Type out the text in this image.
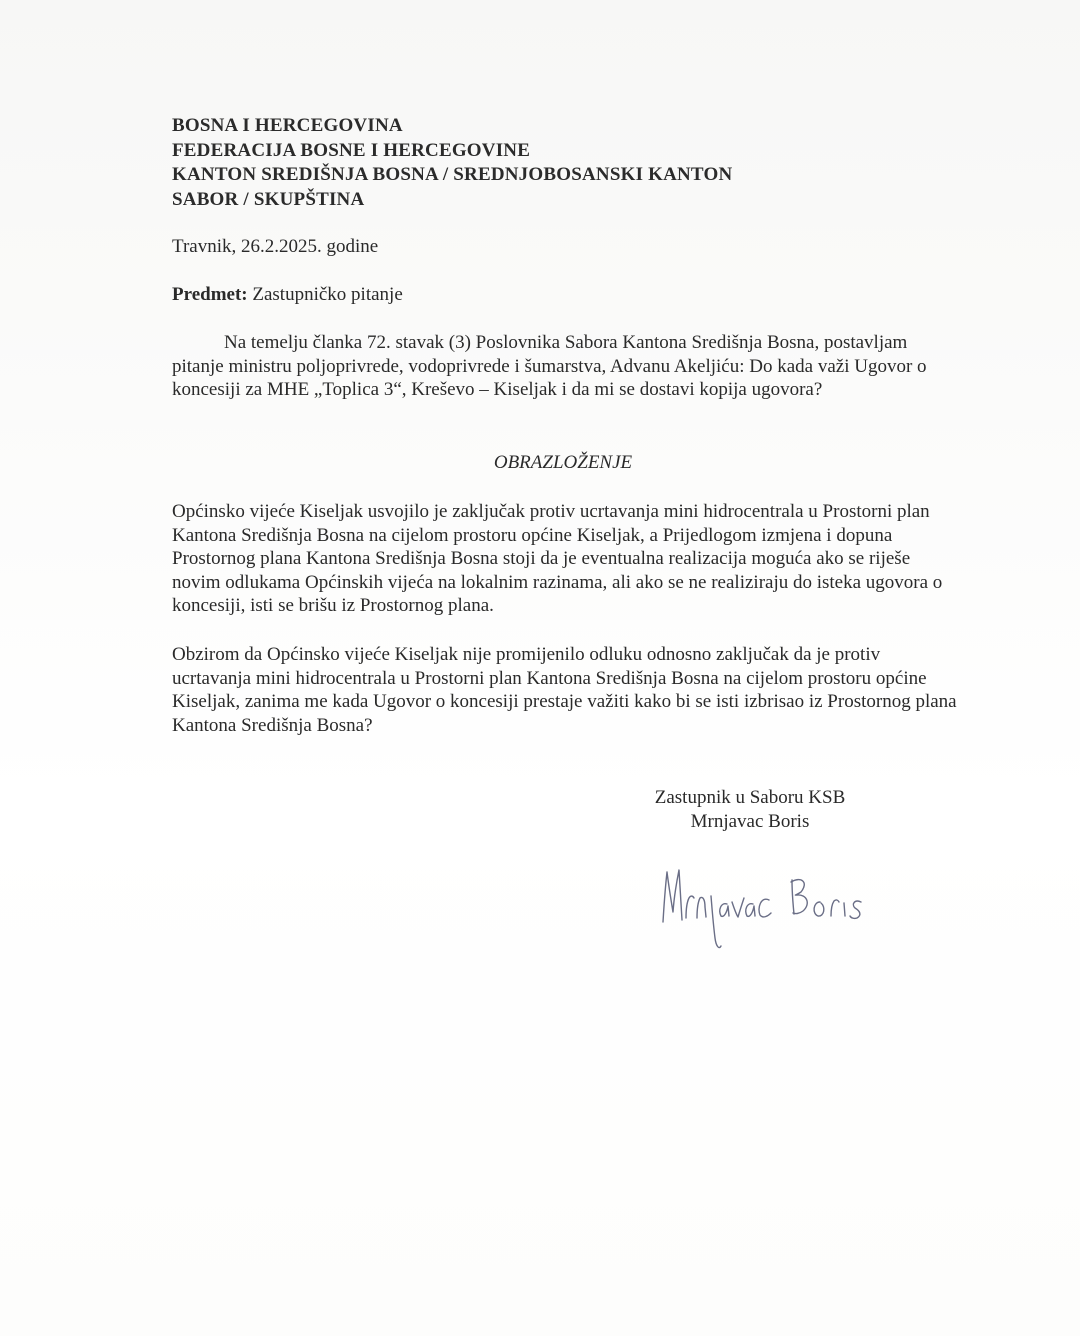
BOSNA I HERCEGOVINA
FEDERACIJA BOSNE I HERCEGOVINE
KANTON SREDIŠNJA BOSNA / SREDNJOBOSANSKI KANTON
SABOR / SKUPŠTINA
Travnik, 26.2.2025. godine
Predmet: Zastupničko pitanje
Na temelju članka 72. stavak (3) Poslovnika Sabora Kantona Središnja Bosna, postavljam pitanje ministru poljoprivrede, vodoprivrede i šumarstva, Advanu Akeljiću: Do kada važi Ugovor o koncesiji za MHE „Toplica 3“, Kreševo – Kiseljak i da mi se dostavi kopija ugovora?
OBRAZLOŽENJE
Općinsko vijeće Kiseljak usvojilo je zaključak protiv ucrtavanja mini hidrocentrala u Prostorni plan Kantona Središnja Bosna na cijelom prostoru općine Kiseljak, a Prijedlogom izmjena i dopuna Prostornog plana Kantona Središnja Bosna stoji da je eventualna realizacija moguća ako se riješe novim odlukama Općinskih vijeća na lokalnim razinama, ali ako se ne realiziraju do isteka ugovora o koncesiji, isti se brišu iz Prostornog plana.
Obzirom da Općinsko vijeće Kiseljak nije promijenilo odluku odnosno zaključak da je protiv ucrtavanja mini hidrocentrala u Prostorni plan Kantona Središnja Bosna na cijelom prostoru općine Kiseljak, zanima me kada Ugovor o koncesiji prestaje važiti kako bi se isti izbrisao iz Prostornog plana Kantona Središnja Bosna?
Zastupnik u Saboru KSB
Mrnjavac Boris
